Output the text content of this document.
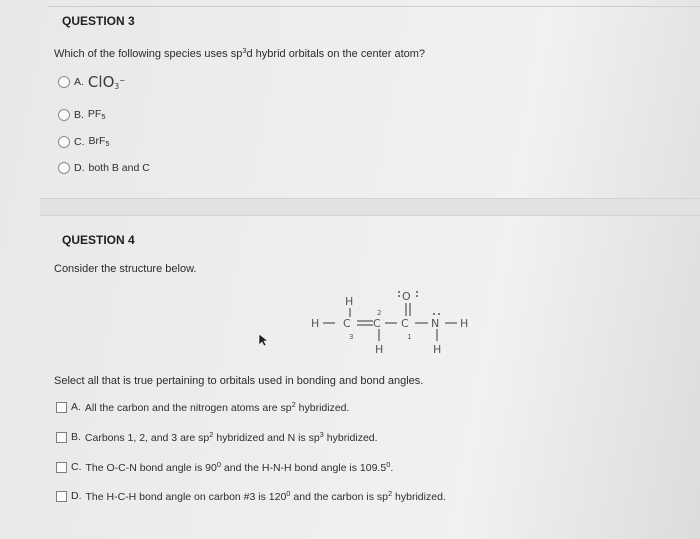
QUESTION 3
Which of the following species uses $sp^3d$ hybrid orbitals on the center atom?
A. ClO$_3$−
B. $PF_5$
C. BrF$_5$
D. both B and C
QUESTION 4
Consider the structure below.
H C C C N H
O
H
H	H
3
2
1
Select all that is true pertaining to orbitals used in bonding and bond angles.
A. All the carbon and the nitrogen atoms are $sp^2$ hybridized.
B. Carbons 1, 2, and 3 are $sp^2$ hybridized and N is $sp^3$ hybridized.
C. The O-C-N bond angle is $90^0$ and the H-N-H bond angle is 109.5$^0$.
D. The H-C-H bond angle on carbon #3 is $120^0$ and the carbon is $sp^2$ hybridized.
